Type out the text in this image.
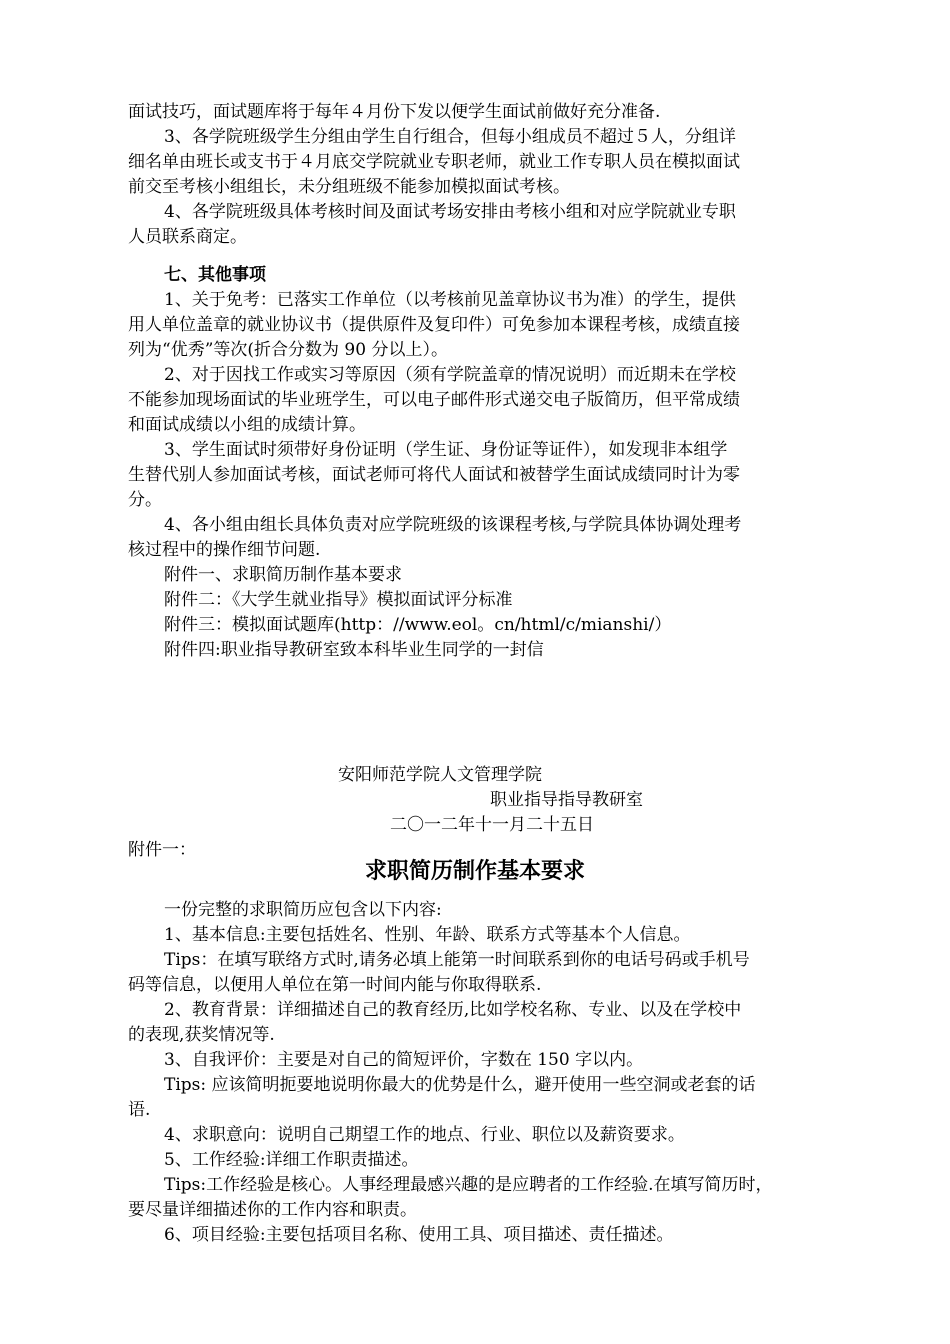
面试技巧，面试题库将于每年４月份下发以便学生面试前做好充分准备.
3、各学院班级学生分组由学生自行组合，但每小组成员不超过５人，分组详
细名单由班长或支书于４月底交学院就业专职老师，就业工作专职人员在模拟面试
前交至考核小组组长，未分组班级不能参加模拟面试考核。
4、各学院班级具体考核时间及面试考场安排由考核小组和对应学院就业专职
人员联系商定。
七、其他事项
1、关于免考：已落实工作单位（以考核前见盖章协议书为准）的学生，提供
用人单位盖章的就业协议书（提供原件及复印件）可免参加本课程考核，成绩直接
列为“优秀”等次(折合分数为 90 分以上）。
2、对于因找工作或实习等原因（须有学院盖章的情况说明）而近期未在学校
不能参加现场面试的毕业班学生，可以电子邮件形式递交电子版简历，但平常成绩
和面试成绩以小组的成绩计算。
3、学生面试时须带好身份证明（学生证、身份证等证件），如发现非本组学
生替代别人参加面试考核，面试老师可将代人面试和被替学生面试成绩同时计为零
分。
4、各小组由组长具体负责对应学院班级的该课程考核,与学院具体协调处理考
核过程中的操作细节问题.
附件一、求职简历制作基本要求
附件二：《大学生就业指导》模拟面试评分标准
附件三：模拟面试题库(http：//www.eol。cn/html/c/mianshi/）
附件四:职业指导教研室致本科毕业生同学的一封信
安阳师范学院人文管理学院
职业指导指导教研室
二〇一二年十一月二十五日
附件一：
求职简历制作基本要求
一份完整的求职简历应包含以下内容:
1、基本信息:主要包括姓名、性别、年龄、联系方式等基本个人信息。
Tips：在填写联络方式时,请务必填上能第一时间联系到你的电话号码或手机号
码等信息，以便用人单位在第一时间内能与你取得联系.
2、教育背景：详细描述自己的教育经历,比如学校名称、专业、以及在学校中
的表现,获奖情况等.
3、自我评价：主要是对自己的简短评价，字数在 150 字以内。
Tips: 应该简明扼要地说明你最大的优势是什么，避开使用一些空洞或老套的话
语.
4、求职意向：说明自己期望工作的地点、行业、职位以及薪资要求。
5、工作经验:详细工作职责描述。
Tips:工作经验是核心。人事经理最感兴趣的是应聘者的工作经验.在填写简历时，
要尽量详细描述你的工作内容和职责。
6、项目经验:主要包括项目名称、使用工具、项目描述、责任描述。
